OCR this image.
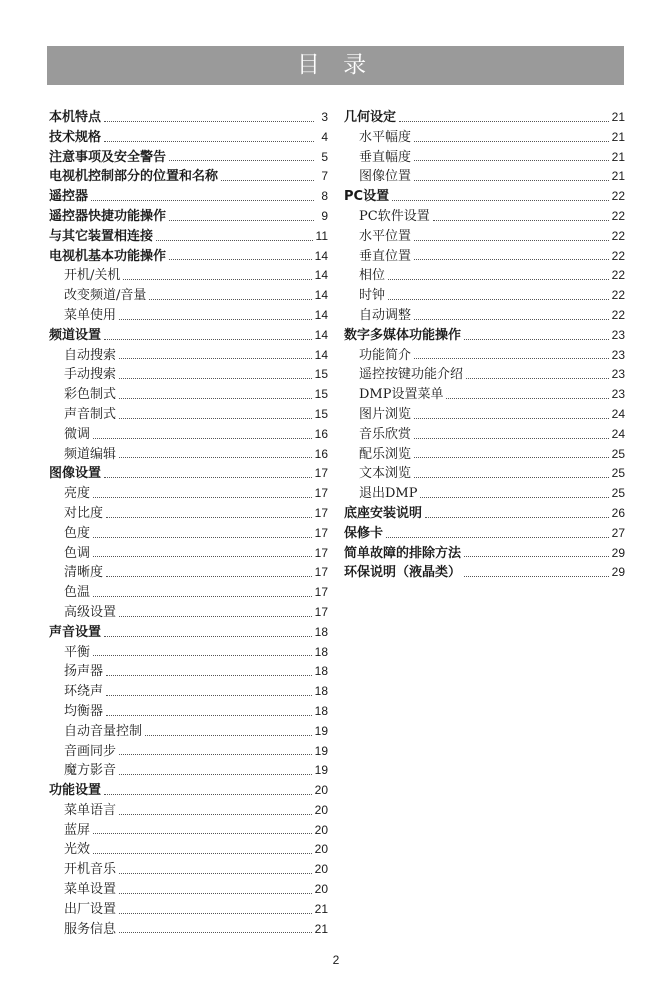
目 录
本机特点	3
技术规格	4
注意事项及安全警告	5
电视机控制部分的位置和名称	7
遥控器	8
遥控器快捷功能操作	9
与其它装置相连接	11
电视机基本功能操作	14
开机/关机	14
改变频道/音量	14
菜单使用	14
频道设置	14
自动搜索	14
手动搜索	15
彩色制式	15
声音制式	15
微调	16
频道编辑	16
图像设置	17
亮度	17
对比度	17
色度	17
色调	17
清晰度	17
色温	17
高级设置	17
声音设置	18
平衡	18
扬声器	18
环绕声	18
均衡器	18
自动音量控制	19
音画同步	19
魔方影音	19
功能设置	20
菜单语言	20
蓝屏	20
光效	20
开机音乐	20
菜单设置	20
出厂设置	21
服务信息	21
几何设定	21
水平幅度	21
垂直幅度	21
图像位置	21
PC设置	22
PC软件设置	22
水平位置	22
垂直位置	22
相位	22
时钟	22
自动调整	22
数字多媒体功能操作	23
功能简介	23
遥控按键功能介绍	23
DMP设置菜单	23
图片浏览	24
音乐欣赏	24
配乐浏览	25
文本浏览	25
退出DMP	25
底座安装说明	26
保修卡	27
简单故障的排除方法	29
环保说明（液晶类）	29
2
